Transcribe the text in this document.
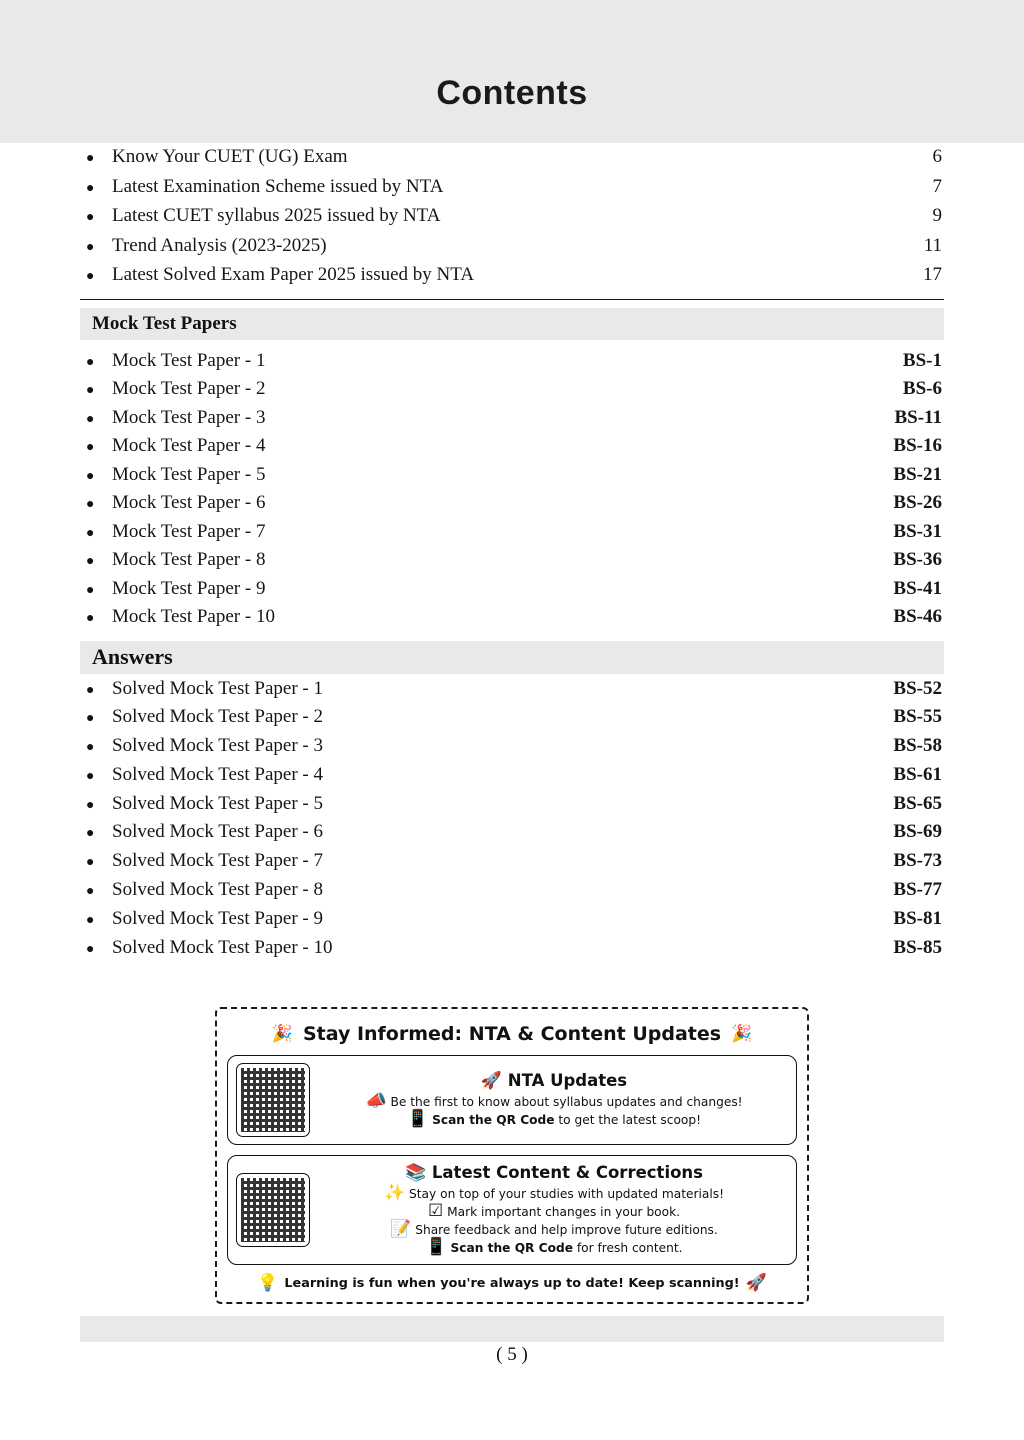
Contents
●
Know Your CUET (UG) Exam	6
●
Latest Examination Scheme issued by NTA	7
●
Latest CUET syllabus 2025 issued by NTA	9
●
Trend Analysis (2023-2025)	11
●
Latest Solved Exam Paper 2025 issued by NTA	17
Mock Test Papers
●
Mock Test Paper - 1	BS-1
●
Mock Test Paper - 2	BS-6
●
Mock Test Paper - 3	BS-11
●
Mock Test Paper - 4	BS-16
●
Mock Test Paper - 5	BS-21
●
Mock Test Paper - 6	BS-26
●
Mock Test Paper - 7	BS-31
●
Mock Test Paper - 8	BS-36
●
Mock Test Paper - 9	BS-41
●
Mock Test Paper - 10	BS-46
Answers
●
Solved Mock Test Paper - 1	BS-52
●
Solved Mock Test Paper - 2	BS-55
●
Solved Mock Test Paper - 3	BS-58
●
Solved Mock Test Paper - 4	BS-61
●
Solved Mock Test Paper - 5	BS-65
●
Solved Mock Test Paper - 6	BS-69
●
Solved Mock Test Paper - 7	BS-73
●
Solved Mock Test Paper - 8	BS-77
●
Solved Mock Test Paper - 9	BS-81
●
Solved Mock Test Paper - 10	BS-85
🎉 Stay Informed: NTA & Content Updates 🎉
🚀 NTA Updates
📣 Be the first to know about syllabus updates and changes!
📱 Scan the QR Code to get the latest scoop!
📚 Latest Content & Corrections
✨ Stay on top of your studies with updated materials!
☑ Mark important changes in your book.
📝 Share feedback and help improve future editions.
📱 Scan the QR Code for fresh content.
💡 Learning is fun when you're always up to date! Keep scanning! 🚀
( 5 )
